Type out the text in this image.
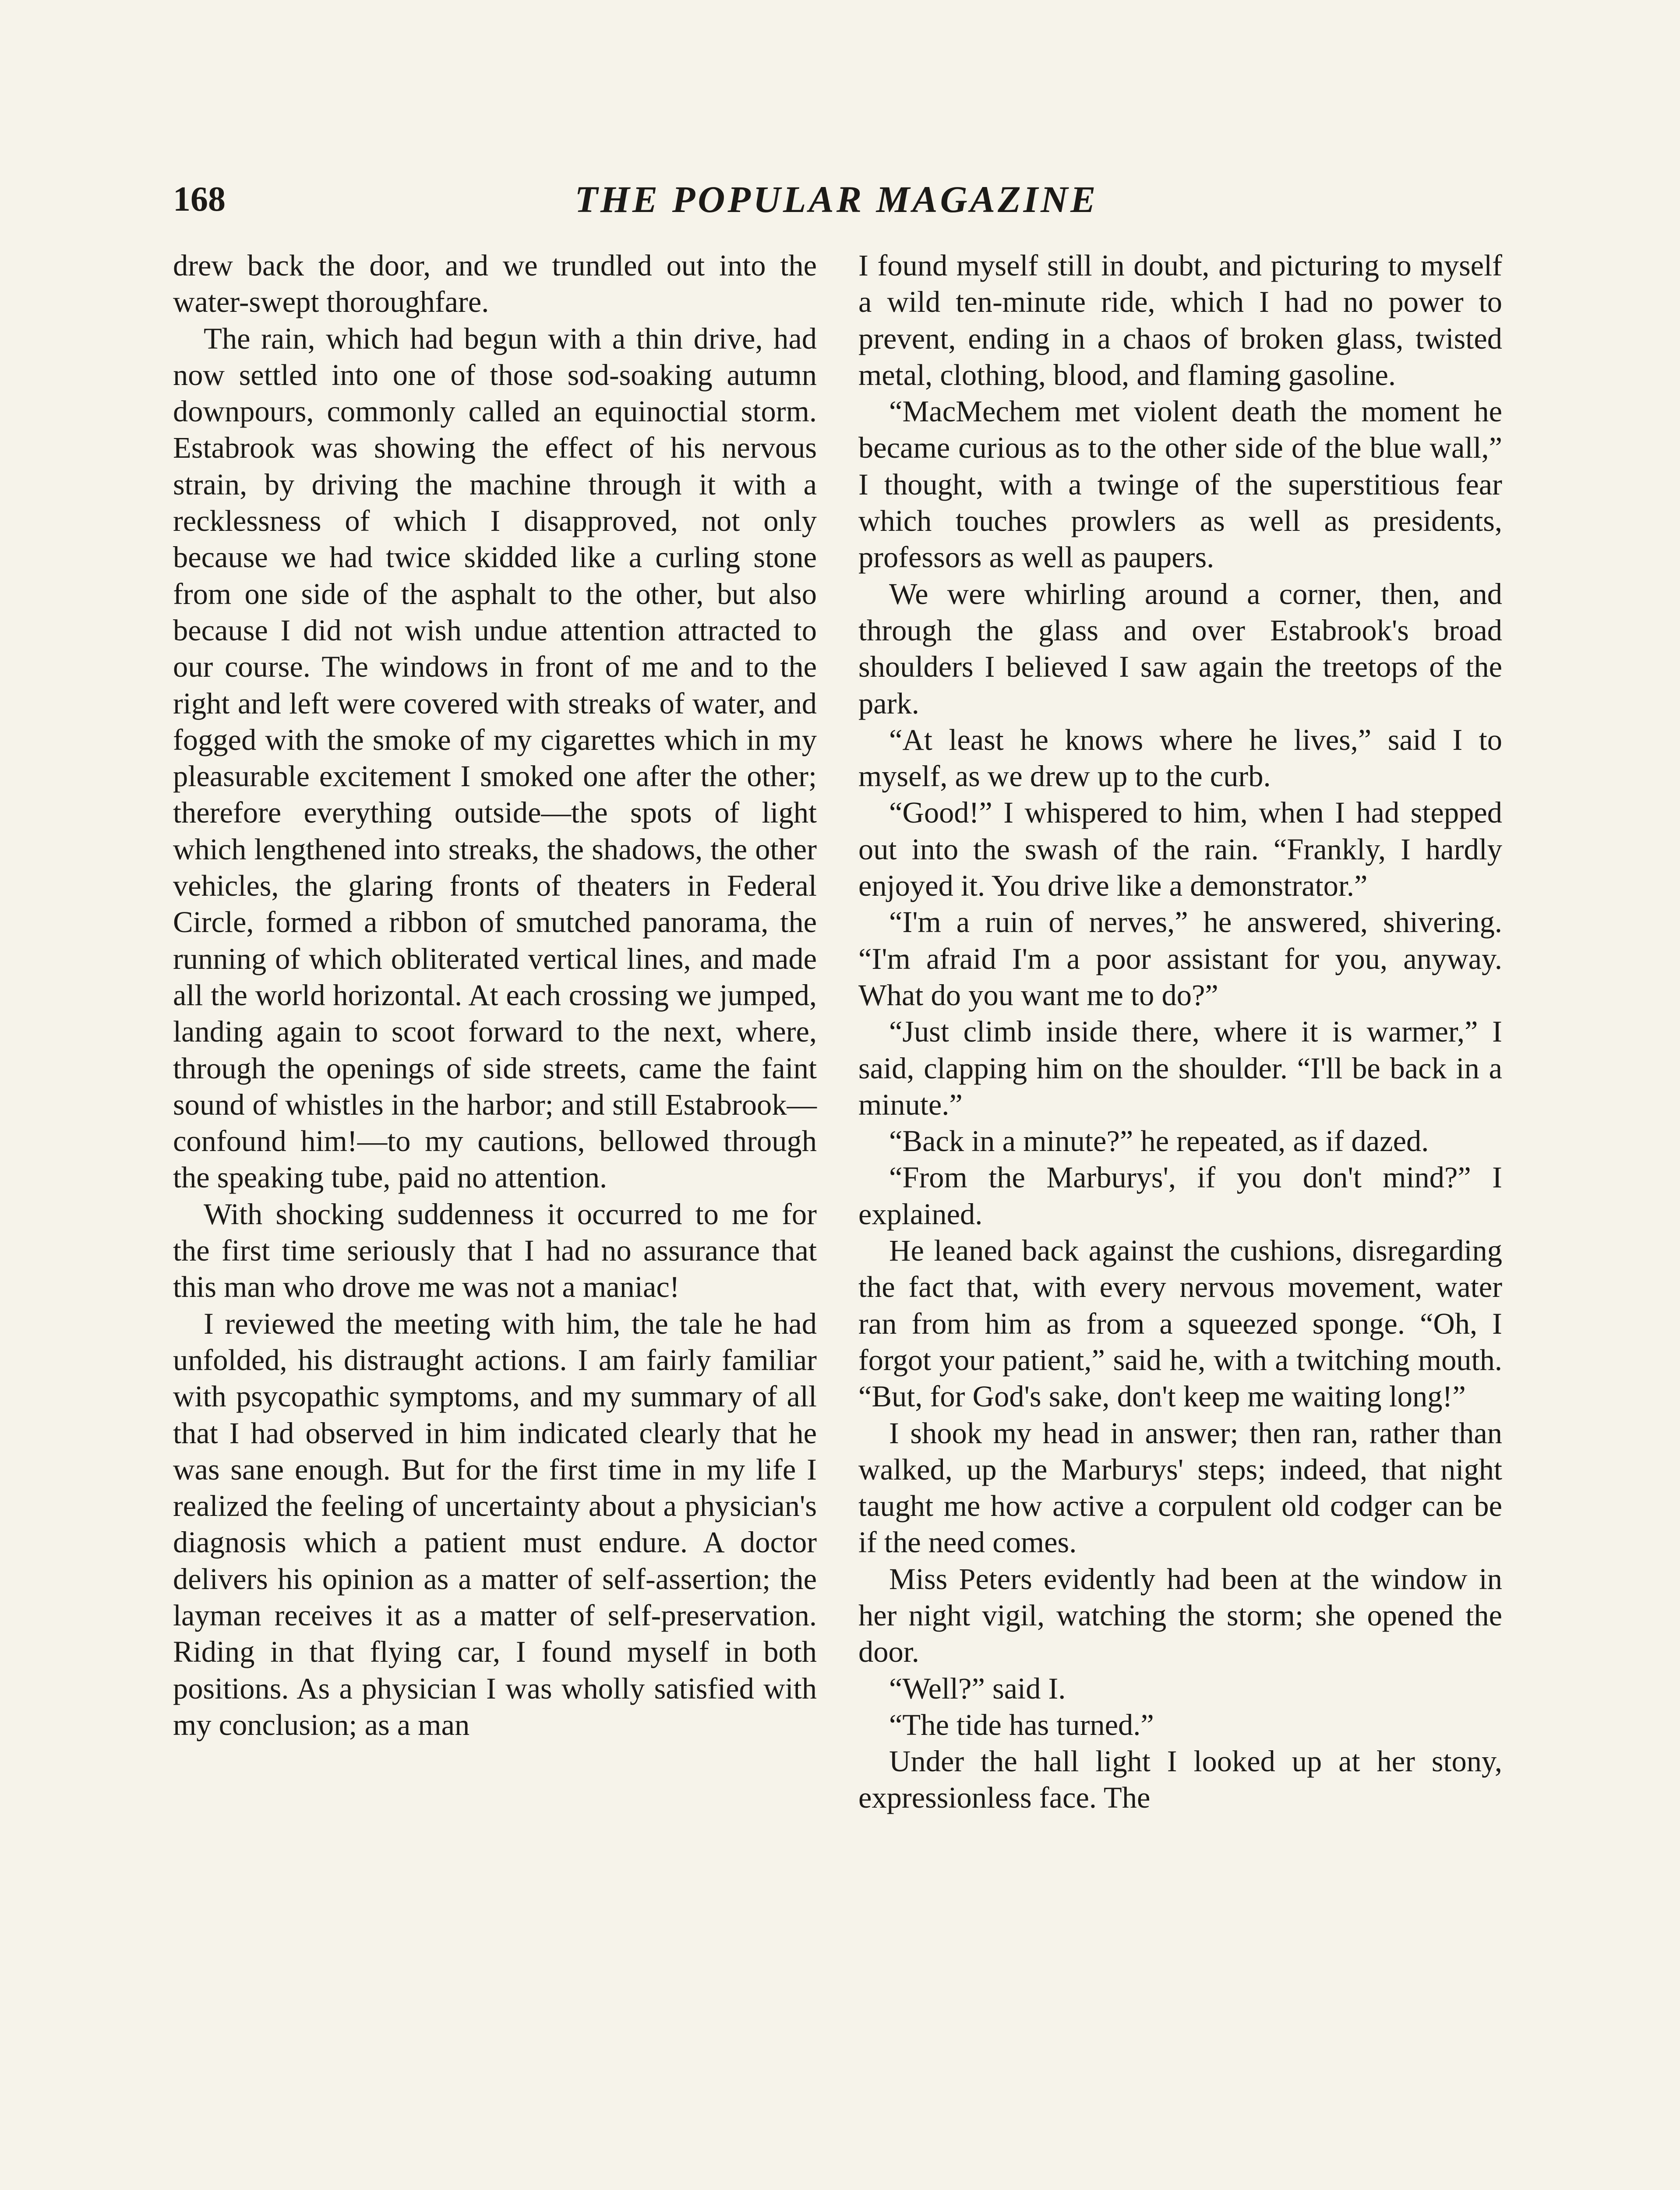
168	THE POPULAR MAGAZINE

drew back the door, and we trundled out into the water-swept thoroughfare.

The rain, which had begun with a thin drive, had now settled into one of those sod-soaking autumn downpours, commonly called an equinoctial storm. Estabrook was showing the effect of his nervous strain, by driving the machine through it with a recklessness of which I disapproved, not only because we had twice skidded like a curling stone from one side of the asphalt to the other, but also because I did not wish undue attention attracted to our course. The windows in front of me and to the right and left were covered with streaks of water, and fogged with the smoke of my cigarettes which in my pleasurable excitement I smoked one after the other; therefore everything outside—the spots of light which lengthened into streaks, the shadows, the other vehicles, the glaring fronts of theaters in Federal Circle, formed a ribbon of smutched panorama, the running of which obliterated vertical lines, and made all the world horizontal. At each crossing we jumped, landing again to scoot forward to the next, where, through the openings of side streets, came the faint sound of whistles in the harbor; and still Estabrook—confound him!—to my cautions, bellowed through the speaking tube, paid no attention.

With shocking suddenness it occurred to me for the first time seriously that I had no assurance that this man who drove me was not a maniac!

I reviewed the meeting with him, the tale he had unfolded, his distraught actions. I am fairly familiar with psycopathic symptoms, and my summary of all that I had observed in him indicated clearly that he was sane enough. But for the first time in my life I realized the feeling of uncertainty about a physician's diagnosis which a patient must endure. A doctor delivers his opinion as a matter of self-assertion; the layman receives it as a matter of self-preservation. Riding in that flying car, I found myself in both positions. As a physician I was wholly satisfied with my conclusion; as a man

I found myself still in doubt, and picturing to myself a wild ten-minute ride, which I had no power to prevent, ending in a chaos of broken glass, twisted metal, clothing, blood, and flaming gasoline.

“MacMechem met violent death the moment he became curious as to the other side of the blue wall,” I thought, with a twinge of the superstitious fear which touches prowlers as well as presidents, professors as well as paupers.

We were whirling around a corner, then, and through the glass and over Estabrook's broad shoulders I believed I saw again the treetops of the park.

“At least he knows where he lives,” said I to myself, as we drew up to the curb.

“Good!” I whispered to him, when I had stepped out into the swash of the rain. “Frankly, I hardly enjoyed it. You drive like a demonstrator.”

“I'm a ruin of nerves,” he answered, shivering. “I'm afraid I'm a poor assistant for you, anyway. What do you want me to do?”

“Just climb inside there, where it is warmer,” I said, clapping him on the shoulder. “I'll be back in a minute.”

“Back in a minute?” he repeated, as if dazed.

“From the Marburys', if you don't mind?” I explained.

He leaned back against the cushions, disregarding the fact that, with every nervous movement, water ran from him as from a squeezed sponge. “Oh, I forgot your patient,” said he, with a twitching mouth. “But, for God's sake, don't keep me waiting long!”

I shook my head in answer; then ran, rather than walked, up the Marburys' steps; indeed, that night taught me how active a corpulent old codger can be if the need comes.

Miss Peters evidently had been at the window in her night vigil, watching the storm; she opened the door.

“Well?” said I.

“The tide has turned.”

Under the hall light I looked up at her stony, expressionless face. The
